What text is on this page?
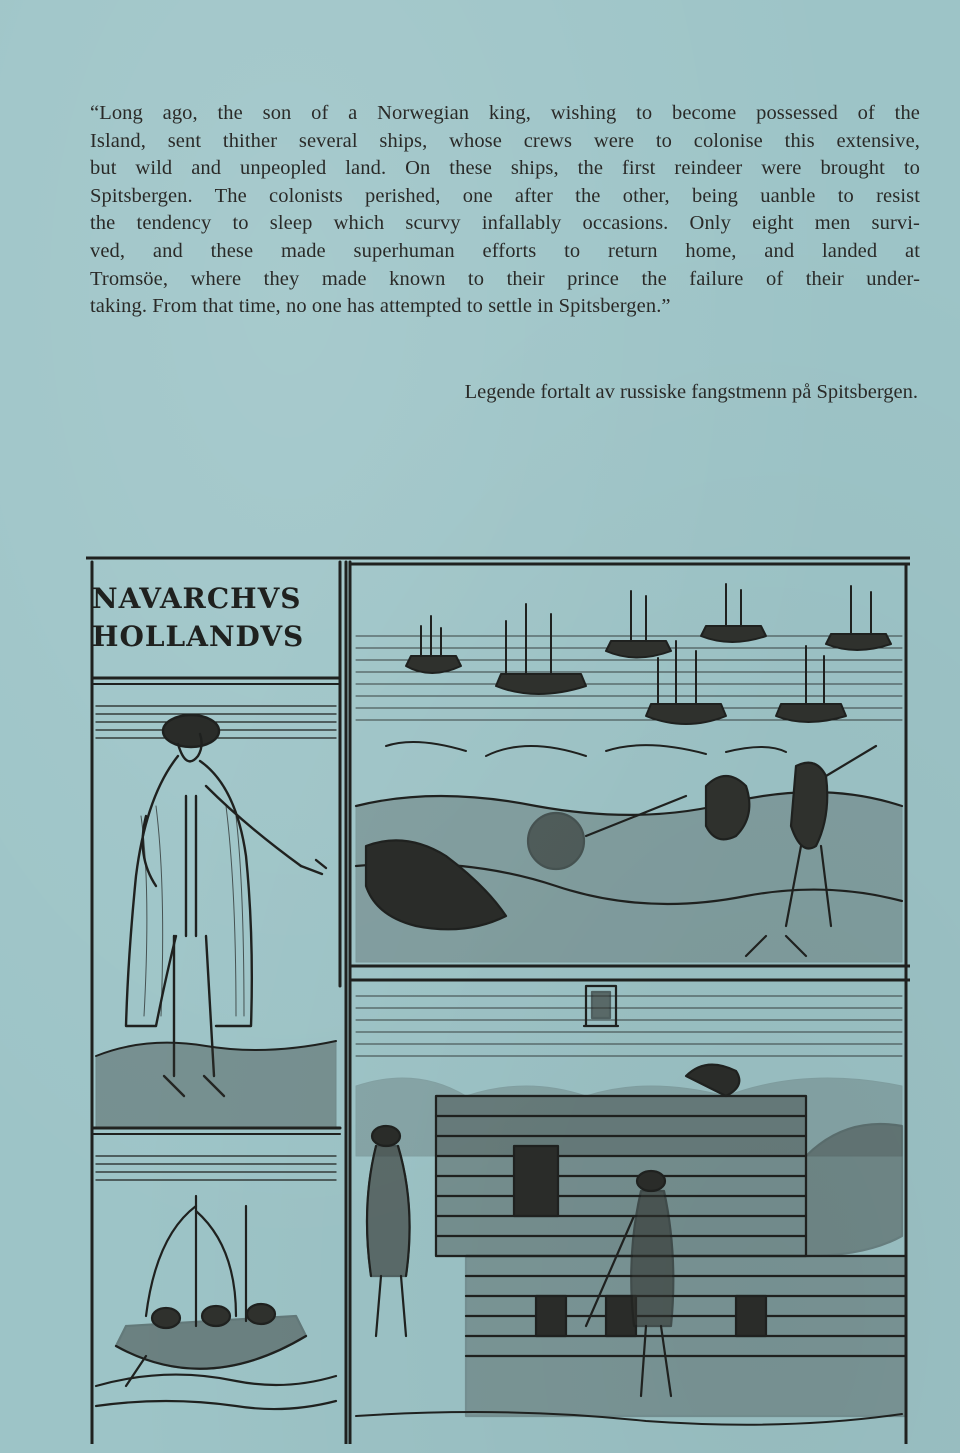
“Long ago, the son of a Norwegian king, wishing to become possessed of the
Island, sent thither several ships, whose crews were to colonise this extensive,
but wild and unpeopled land. On these ships, the first reindeer were brought to
Spitsbergen. The colonists perished, one after the other, being uanble to resist
the tendency to sleep which scurvy infallably occasions. Only eight men survi-
ved, and these made superhuman efforts to return home, and landed at
Tromsöe, where they made known to their prince the failure of their under-
taking. From that time, no one has attempted to settle in Spitsbergen.”
Legende fortalt av russiske fangstmenn på Spitsbergen.
NAVARCHVS
HOLLANDVS
